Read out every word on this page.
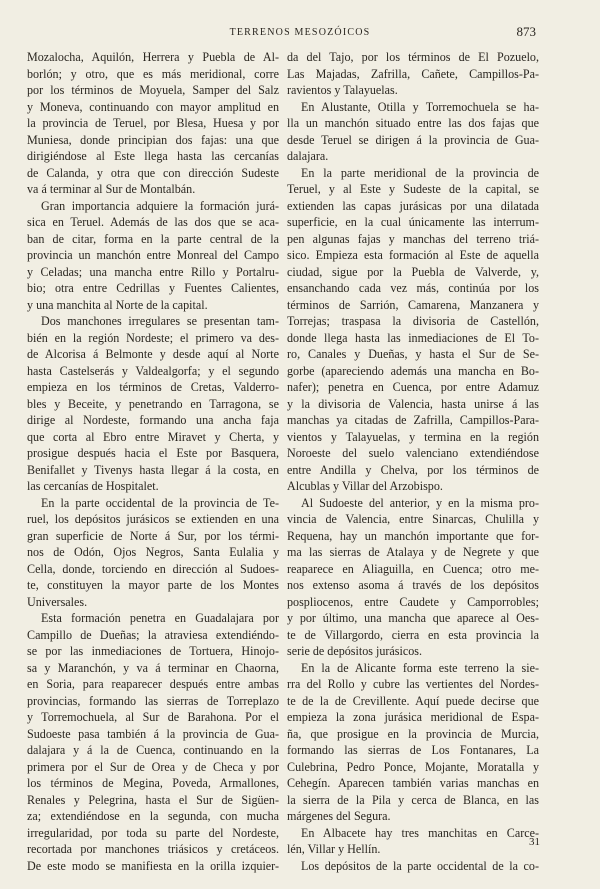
TERRENOS MESOZÓICOS	873
Mozalocha, Aquilón, Herrera y Puebla de Al-
borlón; y otro, que es más meridional, corre
por los términos de Moyuela, Samper del Salz
y Moneva, continuando con mayor amplitud en
la provincia de Teruel, por Blesa, Huesa y por
Muniesa, donde principian dos fajas: una que
dirigiéndose al Este llega hasta las cercanías
de Calanda, y otra que con dirección Sudeste
va á terminar al Sur de Montalbán.
Gran importancia adquiere la formación jurá-
sica en Teruel. Además de las dos que se aca-
ban de citar, forma en la parte central de la
provincia un manchón entre Monreal del Campo
y Celadas; una mancha entre Rillo y Portalru-
bio; otra entre Cedrillas y Fuentes Calientes,
y una manchita al Norte de la capital.
Dos manchones irregulares se presentan tam-
bién en la región Nordeste; el primero va des-
de Alcorisa á Belmonte y desde aquí al Norte
hasta Castelserás y Valdealgorfa; y el segundo
empieza en los términos de Cretas, Valderro-
bles y Beceite, y penetrando en Tarragona, se
dirige al Nordeste, formando una ancha faja
que corta al Ebro entre Miravet y Cherta, y
prosigue después hacia el Este por Basquera,
Benifallet y Tivenys hasta llegar á la costa, en
las cercanías de Hospitalet.
En la parte occidental de la provincia de Te-
ruel, los depósitos jurásicos se extienden en una
gran superficie de Norte á Sur, por los térmi-
nos de Odón, Ojos Negros, Santa Eulalia y
Cella, donde, torciendo en dirección al Sudoes-
te, constituyen la mayor parte de los Montes
Universales.
Esta formación penetra en Guadalajara por
Campillo de Dueñas; la atraviesa extendiéndo-
se por las inmediaciones de Tortuera, Hinojo-
sa y Maranchón, y va á terminar en Chaorna,
en Soria, para reaparecer después entre ambas
provincias, formando las sierras de Torreplazo
y Torremochuela, al Sur de Barahona. Por el
Sudoeste pasa también á la provincia de Gua-
dalajara y á la de Cuenca, continuando en la
primera por el Sur de Orea y de Checa y por
los términos de Megina, Poveda, Armallones,
Renales y Pelegrina, hasta el Sur de Sigüen-
za; extendiéndose en la segunda, con mucha
irregularidad, por toda su parte del Nordeste,
recortada por manchones triásicos y cretáceos.
De este modo se manifiesta en la orilla izquier-
da del Tajo, por los términos de El Pozuelo,
Las Majadas, Zafrilla, Cañete, Campillos-Pa-
ravientos y Talayuelas.
En Alustante, Otilla y Torremochuela se ha-
lla un manchón situado entre las dos fajas que
desde Teruel se dirigen á la provincia de Gua-
dalajara.
En la parte meridional de la provincia de
Teruel, y al Este y Sudeste de la capital, se
extienden las capas jurásicas por una dilatada
superficie, en la cual únicamente las interrum-
pen algunas fajas y manchas del terreno triá-
sico. Empieza esta formación al Este de aquella
ciudad, sigue por la Puebla de Valverde, y,
ensanchando cada vez más, continúa por los
términos de Sarrión, Camarena, Manzanera y
Torrejas; traspasa la divisoria de Castellón,
donde llega hasta las inmediaciones de El To-
ro, Canales y Dueñas, y hasta el Sur de Se-
gorbe (apareciendo además una mancha en Bo-
nafer); penetra en Cuenca, por entre Adamuz
y la divisoria de Valencia, hasta unirse á las
manchas ya citadas de Zafrilla, Campillos-Para-
vientos y Talayuelas, y termina en la región
Noroeste del suelo valenciano extendiéndose
entre Andilla y Chelva, por los términos de
Alcublas y Villar del Arzobispo.
Al Sudoeste del anterior, y en la misma pro-
vincia de Valencia, entre Sinarcas, Chulilla y
Requena, hay un manchón importante que for-
ma las sierras de Atalaya y de Negrete y que
reaparece en Aliaguilla, en Cuenca; otro me-
nos extenso asoma á través de los depósitos
pospliocenos, entre Caudete y Camporrobles;
y por último, una mancha que aparece al Oes-
te de Villargordo, cierra en esta provincia la
serie de depósitos jurásicos.
En la de Alicante forma este terreno la sie-
rra del Rollo y cubre las vertientes del Nordes-
te de la de Crevillente. Aquí puede decirse que
empieza la zona jurásica meridional de Espa-
ña, que prosigue en la provincia de Murcia,
formando las sierras de Los Fontanares, La
Culebrina, Pedro Ponce, Mojante, Moratalla y
Cehegín. Aparecen también varias manchas en
la sierra de la Pila y cerca de Blanca, en las
márgenes del Segura.
En Albacete hay tres manchitas en Carce-
lén, Villar y Hellín.
Los depósitos de la parte occidental de la co-
31
